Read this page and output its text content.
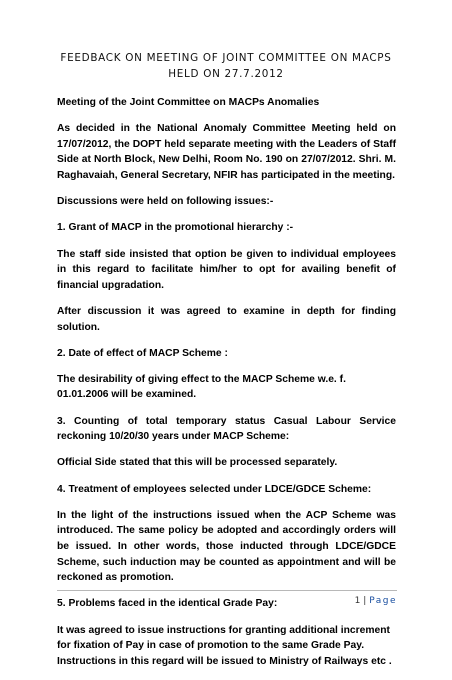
FEEDBACK ON MEETING OF JOINT COMMITTEE ON MACPS
HELD ON 27.7.2012

Meeting of the Joint Committee on MACPs Anomalies

As decided in the National Anomaly Committee Meeting held on 17/07/2012, the DOPT held separate meeting with the Leaders of Staff Side at North Block, New Delhi, Room No. 190 on 27/07/2012. Shri. M. Raghavaiah, General Secretary, NFIR has participated in the meeting.

Discussions were held on following issues:-

1. Grant of MACP in the promotional hierarchy :-

The staff side insisted that option be given to individual employees in this regard to facilitate him/her to opt for availing benefit of financial upgradation.

After discussion it was agreed to examine in depth for finding solution.

2. Date of effect of MACP Scheme :

The desirability of giving effect to the MACP Scheme w.e. f. 01.01.2006 will be examined.

3. Counting of total temporary status Casual Labour Service reckoning 10/20/30 years under MACP Scheme:

Official Side stated that this will be processed separately.

4. Treatment of employees selected under LDCE/GDCE Scheme:

In the light of the instructions issued when the ACP Scheme was introduced. The same policy be adopted and accordingly orders will be issued. In other words, those inducted through LDCE/GDCE Scheme, such induction may be counted as appointment and will be reckoned as promotion.

5. Problems faced in the identical Grade Pay:

It was agreed to issue instructions for granting additional increment for fixation of Pay in case of promotion to the same Grade Pay. Instructions in this regard will be issued to Ministry of Railways etc .

1 | Page
